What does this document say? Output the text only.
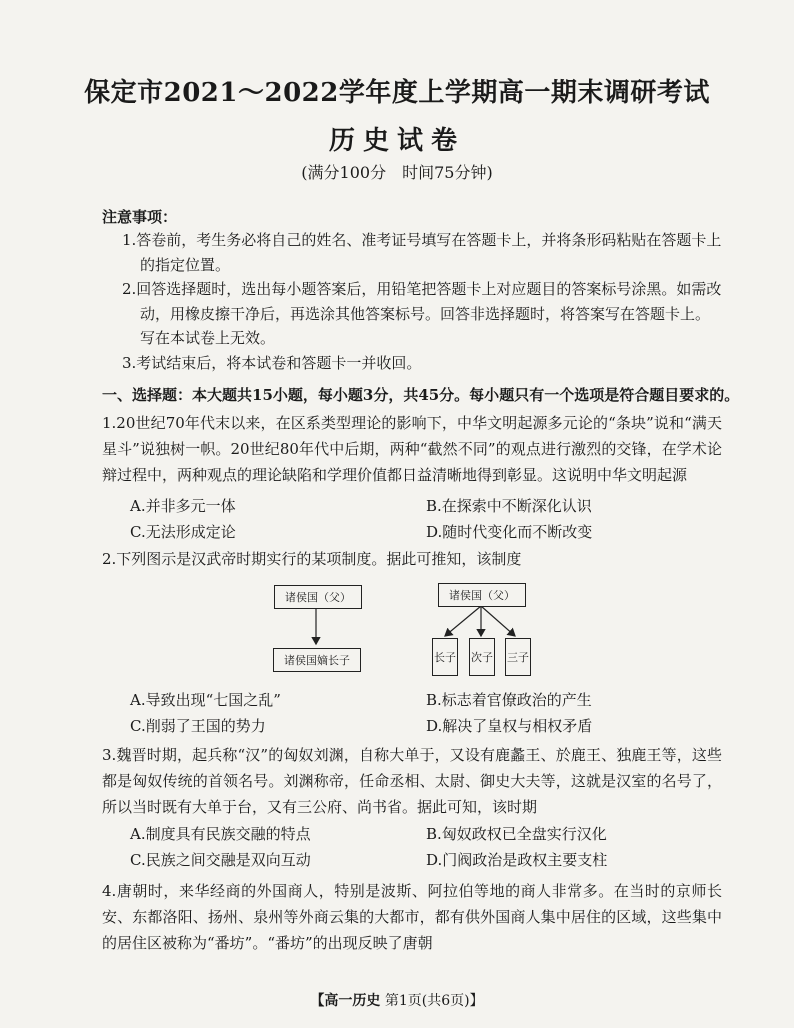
保定市2021～2022学年度上学期高一期末调研考试
历史试卷
(满分100分　时间75分钟)
注意事项：

1.答卷前，考生务必将自己的姓名、准考证号填写在答题卡上，并将条形码粘贴在答题卡上的指定位置。

2.回答选择题时，选出每小题答案后，用铅笔把答题卡上对应题目的答案标号涂黑。如需改动，用橡皮擦干净后，再选涂其他答案标号。回答非选择题时，将答案写在答题卡上。写在本试卷上无效。

3.考试结束后，将本试卷和答题卡一并收回。

一、选择题：本大题共15小题，每小题3分，共45分。每小题只有一个选项是符合题目要求的。

1.20世纪70年代末以来，在区系类型理论的影响下，中华文明起源多元论的“条块”说和“满天星斗”说独树一帜。20世纪80年代中后期，两种“截然不同”的观点进行激烈的交锋，在学术论辩过程中，两种观点的理论缺陷和学理价值都日益清晰地得到彰显。这说明中华文明起源

A.并非多元一体	B.在探索中不断深化认识
C.无法形成定论	D.随时代变化而不断改变

2.下列图示是汉武帝时期实行的某项制度。据此可推知，该制度

诸侯国（父）
诸侯国嫡长子
诸侯国（父）
长子 次子 三子
A.导致出现“七国之乱”	B.标志着官僚政治的产生
C.削弱了王国的势力	D.解决了皇权与相权矛盾

3.魏晋时期，起兵称“汉”的匈奴刘渊，自称大单于，又设有鹿蠡王、於鹿王、独鹿王等，这些都是匈奴传统的首领名号。刘渊称帝，任命丞相、太尉、御史大夫等，这就是汉室的名号了，所以当时既有大单于台，又有三公府、尚书省。据此可知，该时期

A.制度具有民族交融的特点	B.匈奴政权已全盘实行汉化
C.民族之间交融是双向互动	D.门阀政治是政权主要支柱

4.唐朝时，来华经商的外国商人，特别是波斯、阿拉伯等地的商人非常多。在当时的京师长安、东都洛阳、扬州、泉州等外商云集的大都市，都有供外国商人集中居住的区域，这些集中的居住区被称为“番坊”。“番坊”的出现反映了唐朝

【高一历史 第1页(共6页)】
